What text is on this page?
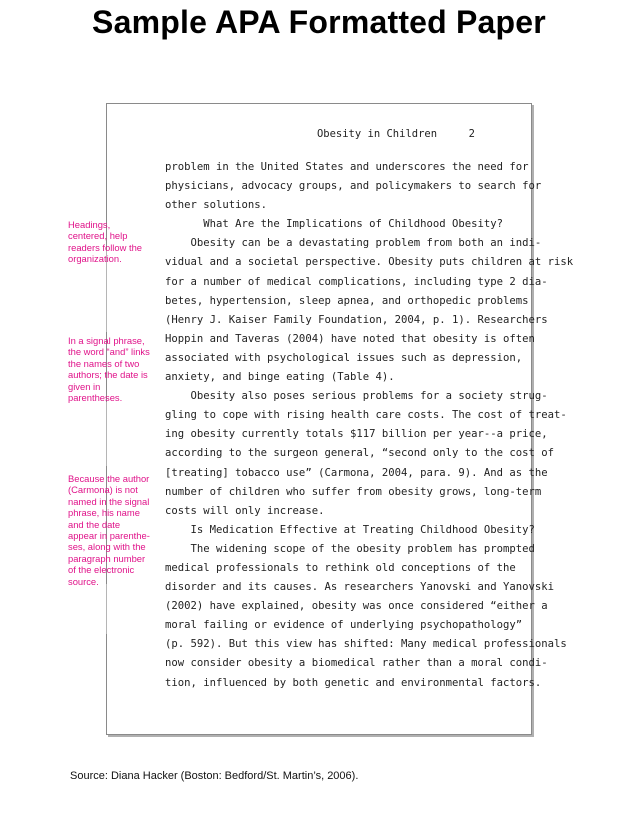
Sample APA Formatted Paper
Obesity in Children	2
problem in the United States and underscores the need for
physicians, advocacy groups, and policymakers to search for
other solutions.
What Are the Implications of Childhood Obesity?
Obesity can be a devastating problem from both an indi-
vidual and a societal perspective. Obesity puts children at risk
for a number of medical complications, including type 2 dia-
betes, hypertension, sleep apnea, and orthopedic problems
(Henry J. Kaiser Family Foundation, 2004, p. 1). Researchers
Hoppin and Taveras (2004) have noted that obesity is often
associated with psychological issues such as depression,
anxiety, and binge eating (Table 4).
Obesity also poses serious problems for a society strug-
gling to cope with rising health care costs. The cost of treat-
ing obesity currently totals $117 billion per year--a price,
according to the surgeon general, “second only to the cost of
[treating] tobacco use” (Carmona, 2004, para. 9). And as the
number of children who suffer from obesity grows, long-term
costs will only increase.
Is Medication Effective at Treating Childhood Obesity?
The widening scope of the obesity problem has prompted
medical professionals to rethink old conceptions of the
disorder and its causes. As researchers Yanovski and Yanovski
(2002) have explained, obesity was once considered “either a
moral failing or evidence of underlying psychopathology”
(p. 592). But this view has shifted: Many medical professionals
now consider obesity a biomedical rather than a moral condi-
tion, influenced by both genetic and environmental factors.
Headings, centered, help readers follow the organization.
In a signal phrase, the word “and” links the names of two authors; the date is given in parentheses.
Because the author (Carmona) is not named in the signal phrase, his name and the date appear in parenthe- ses, along with the paragraph number of the electronic source.
Source: Diana Hacker (Boston: Bedford/St. Martin’s, 2006).
